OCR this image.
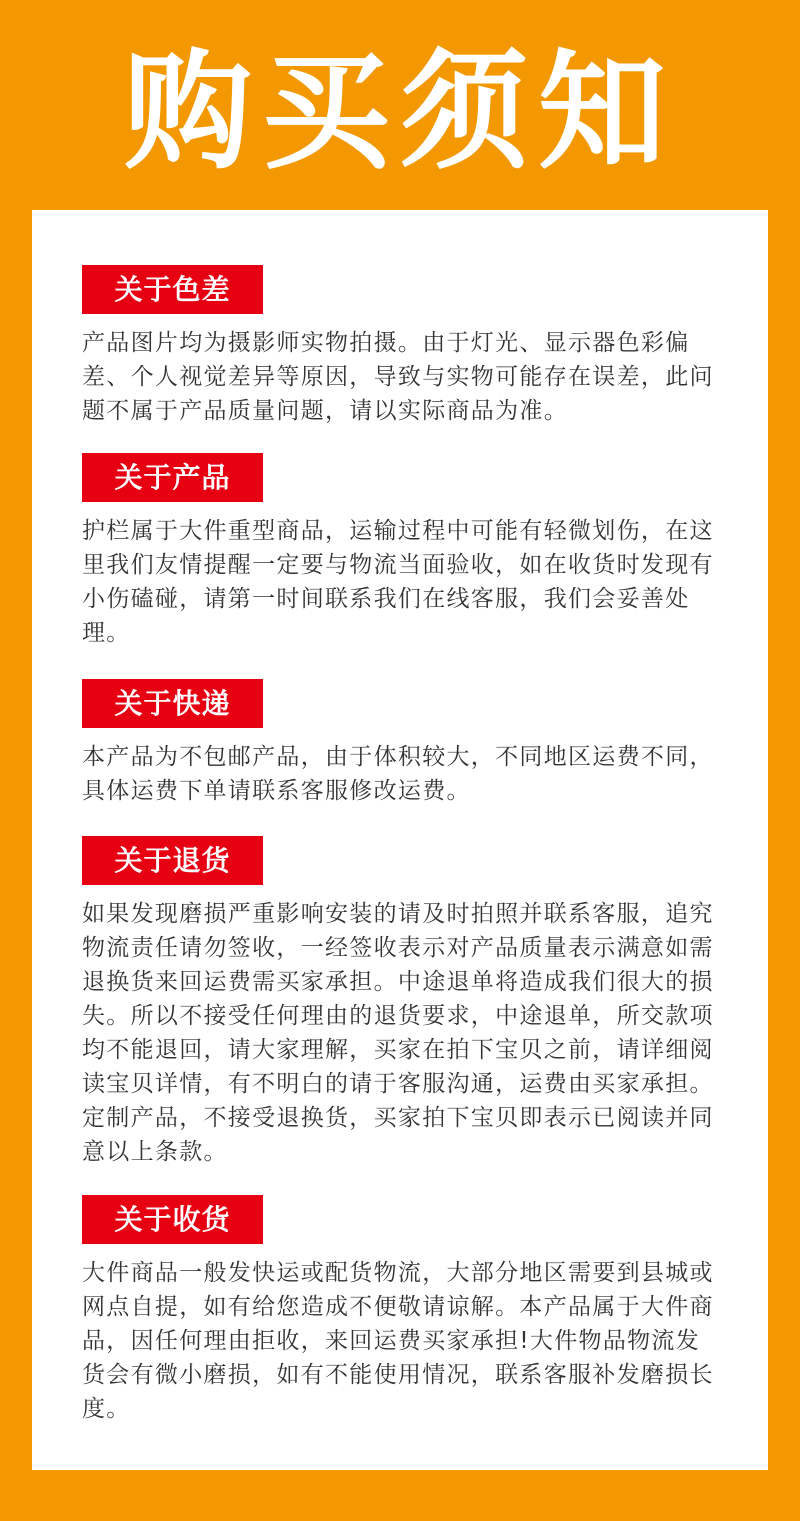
购买须知
关于色差
产品图片均为摄影师实物拍摄。由于灯光、显示器色彩偏差、个人视觉差异等原因，导致与实物可能存在误差，此问题不属于产品质量问题，请以实际商品为准。
关于产品
护栏属于大件重型商品，运输过程中可能有轻微划伤，在这里我们友情提醒一定要与物流当面验收，如在收货时发现有小伤磕碰，请第一时间联系我们在线客服，我们会妥善处理。
关于快递
本产品为不包邮产品，由于体积较大，不同地区运费不同，具体运费下单请联系客服修改运费。
关于退货
如果发现磨损严重影响安装的请及时拍照并联系客服，追究物流责任请勿签收，一经签收表示对产品质量表示满意如需退换货来回运费需买家承担。中途退单将造成我们很大的损失。所以不接受任何理由的退货要求，中途退单，所交款项均不能退回，请大家理解，买家在拍下宝贝之前，请详细阅读宝贝详情，有不明白的请于客服沟通，运费由买家承担。定制产品，不接受退换货，买家拍下宝贝即表示已阅读并同意以上条款。
关于收货
大件商品一般发快运或配货物流，大部分地区需要到县城或网点自提，如有给您造成不便敬请谅解。本产品属于大件商品，因任何理由拒收，来回运费买家承担!大件物品物流发货会有微小磨损，如有不能使用情况，联系客服补发磨损长度。
